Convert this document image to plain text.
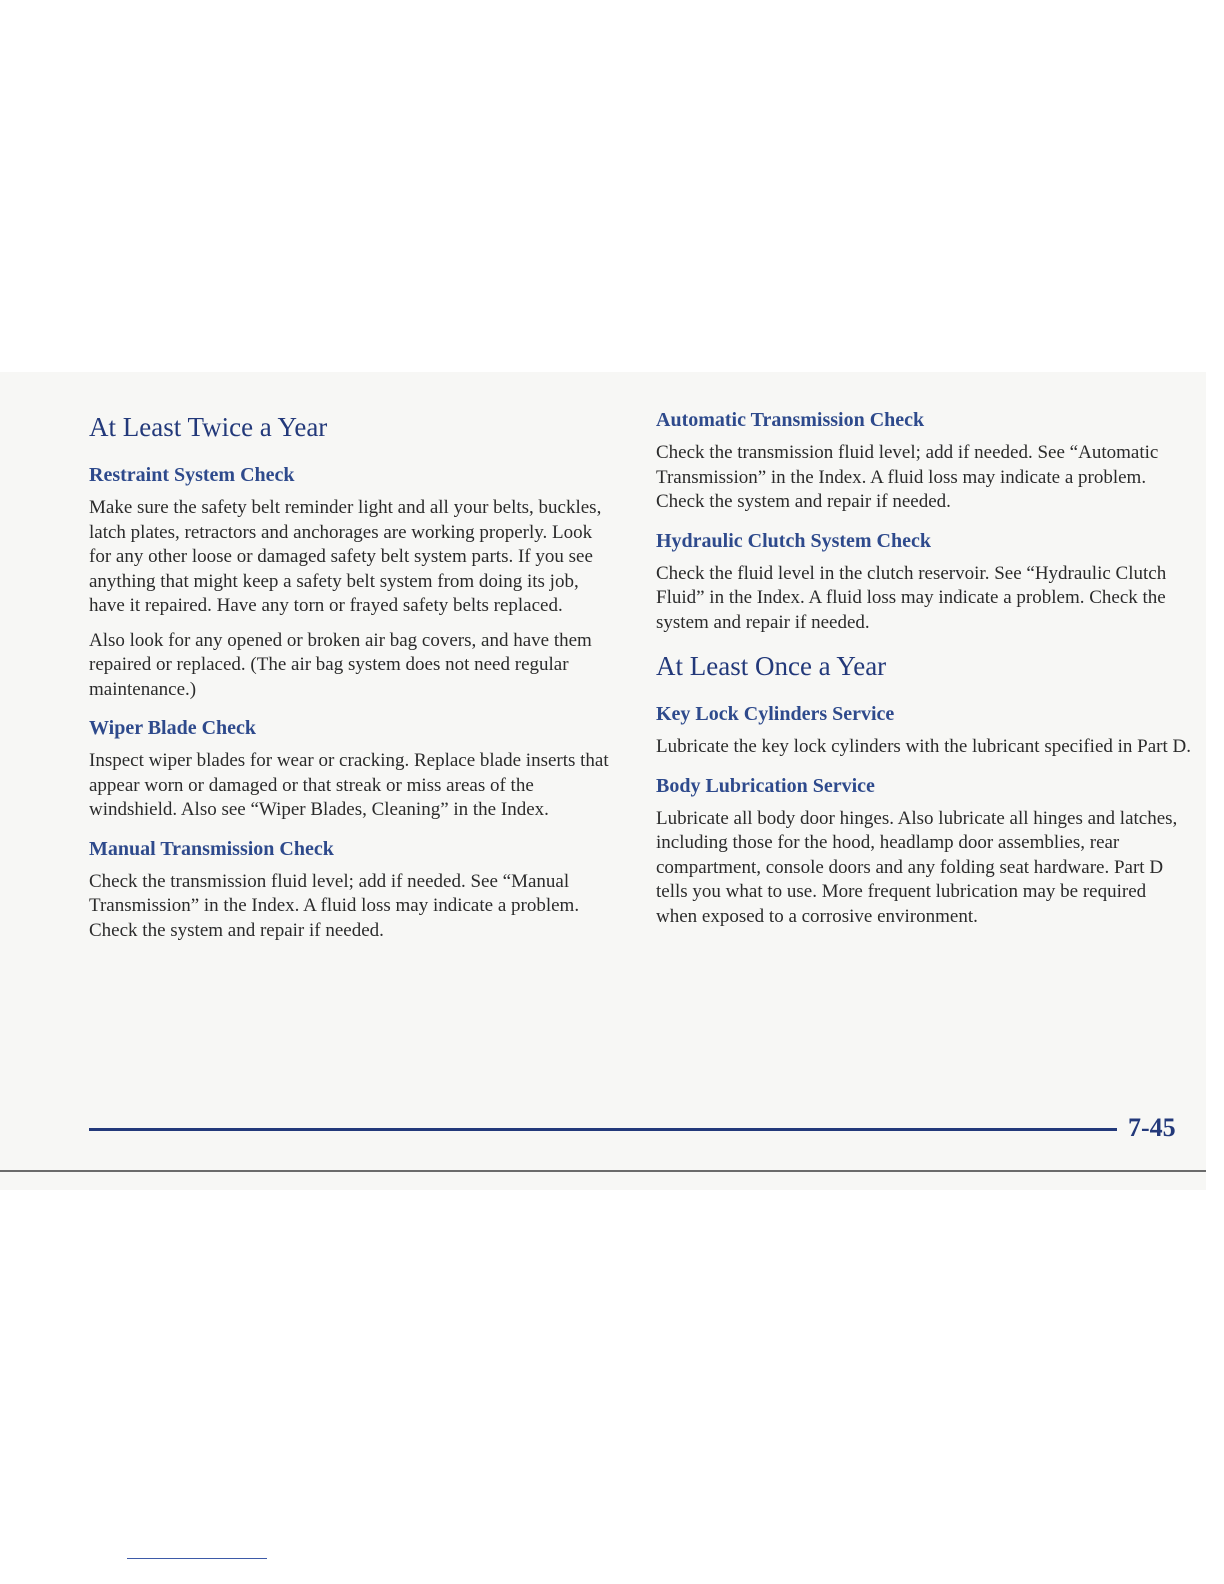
At Least Twice a Year
Restraint System Check

Make sure the safety belt reminder light and all your belts, buckles, latch plates, retractors and anchorages are working properly. Look for any other loose or damaged safety belt system parts. If you see anything that might keep a safety belt system from doing its job, have it repaired. Have any torn or frayed safety belts replaced.

Also look for any opened or broken air bag covers, and have them repaired or replaced. (The air bag system does not need regular maintenance.)

Wiper Blade Check

Inspect wiper blades for wear or cracking. Replace blade inserts that appear worn or damaged or that streak or miss areas of the windshield. Also see “Wiper Blades, Cleaning” in the Index.

Manual Transmission Check

Check the transmission fluid level; add if needed. See “Manual Transmission” in the Index. A fluid loss may indicate a problem. Check the system and repair if needed.

Automatic Transmission Check

Check the transmission fluid level; add if needed. See “Automatic Transmission” in the Index. A fluid loss may indicate a problem. Check the system and repair if needed.

Hydraulic Clutch System Check

Check the fluid level in the clutch reservoir. See “Hydraulic Clutch Fluid” in the Index. A fluid loss may indicate a problem. Check the system and repair if needed.

At Least Once a Year
Key Lock Cylinders Service

Lubricate the key lock cylinders with the lubricant specified in Part D.

Body Lubrication Service

Lubricate all body door hinges. Also lubricate all hinges and latches, including those for the hood, headlamp door assemblies, rear compartment, console doors and any folding seat hardware. Part D tells you what to use. More frequent lubrication may be required when exposed to a corrosive environment.

7-45
